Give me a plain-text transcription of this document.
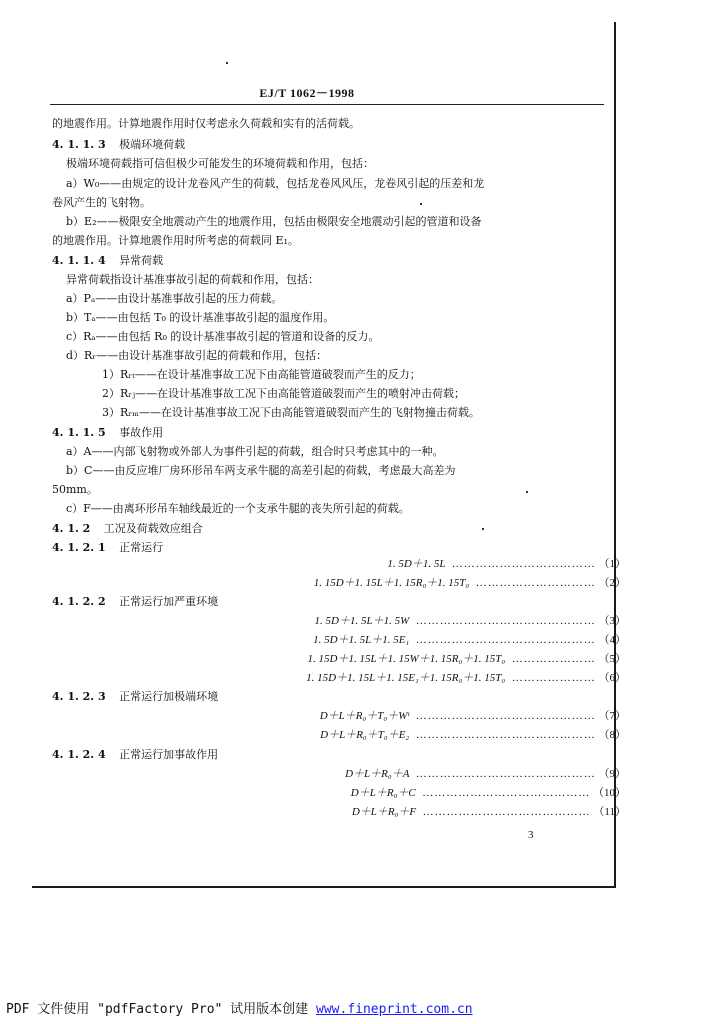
EJ/T 1062－1998
的地震作用。计算地震作用时仅考虑永久荷载和实有的活荷载。
4. 1. 1. 3 极端环境荷载
极端环境荷载指可信但极少可能发生的环境荷载和作用，包括：
a）W₀——由规定的设计龙卷风产生的荷载，包括龙卷风风压，龙卷风引起的压差和龙
卷风产生的飞射物。
b）E₂——极限安全地震动产生的地震作用，包括由极限安全地震动引起的管道和设备
的地震作用。计算地震作用时所考虑的荷载同 E₁。
4. 1. 1. 4 异常荷载
异常荷载指设计基准事故引起的荷载和作用，包括：
a）Pₐ——由设计基准事故引起的压力荷载。
b）Tₐ——由包括 T₀ 的设计基准事故引起的温度作用。
c）Rₐ——由包括 R₀ 的设计基准事故引起的管道和设备的反力。
d）Rᵣ——由设计基准事故引起的荷载和作用，包括：
1）Rᵣₜ——在设计基准事故工况下由高能管道破裂而产生的反力；
2）Rᵣⱼ——在设计基准事故工况下由高能管道破裂而产生的喷射冲击荷载；
3）Rᵣₘ——在设计基准事故工况下由高能管道破裂而产生的飞射物撞击荷载。
4. 1. 1. 5 事故作用
a）A——内部飞射物或外部人为事件引起的荷载，组合时只考虑其中的一种。
b）C——由反应堆厂房环形吊车两支承牛腿的高差引起的荷载，考虑最大高差为
50mm。
c）F——由离环形吊车轴线最近的一个支承牛腿的丧失所引起的荷载。
4. 1. 2 工况及荷载效应组合
4. 1. 2. 1 正常运行
1. 5D＋1. 5L  ……………………………… （1）
1. 15D＋1. 15L＋1. 15R₀＋1. 15T₀  ………………………… （2）
4. 1. 2. 2 正常运行加严重环境
1. 5D＋1. 5L＋1. 5W  ……………………………………… （3）
1. 5D＋1. 5L＋1. 5E₁  ……………………………………… （4）
1. 15D＋1. 15L＋1. 15W＋1. 15R₀＋1. 15T₀  ………………… （5）
1. 15D＋1. 15L＋1. 15E₁＋1. 15R₀＋1. 15T₀  ………………… （6）
4. 1. 2. 3 正常运行加极端环境
D＋L＋R₀＋T₀＋Wᵗ  ……………………………………… （7）
D＋L＋R₀＋T₀＋E₂  ……………………………………… （8）
4. 1. 2. 4 正常运行加事故作用
D＋L＋R₀＋A  ……………………………………… （9）
D＋L＋R₀＋C  …………………………………… （10）
D＋L＋R₀＋F  …………………………………… （11）
3
PDF 文件使用 "pdfFactory Pro" 试用版本创建 www.fineprint.com.cn
